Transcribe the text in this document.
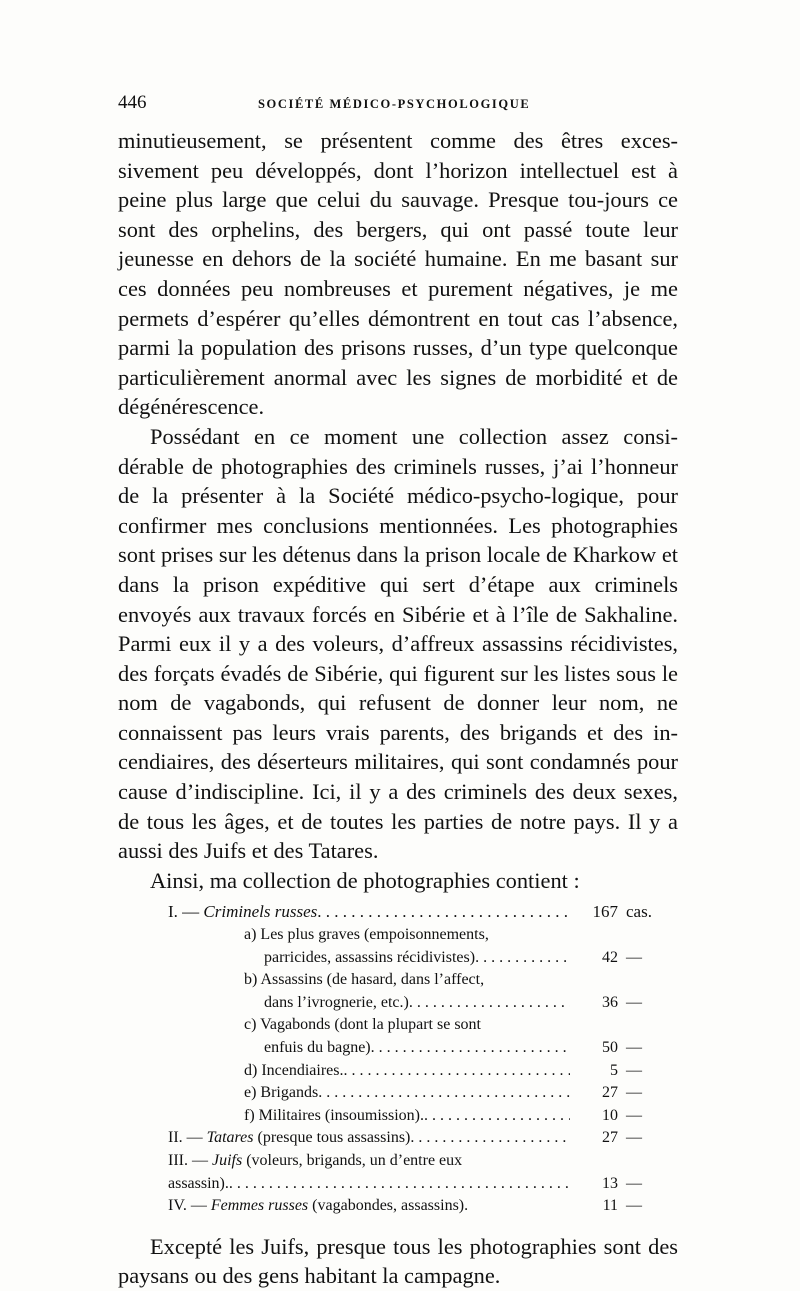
446	SOCIÉTÉ MÉDICO-PSYCHOLOGIQUE

minutieusement, se présentent comme des êtres exces-sivement peu développés, dont l’horizon intellectuel est à peine plus large que celui du sauvage. Presque tou-jours ce sont des orphelins, des bergers, qui ont passé toute leur jeunesse en dehors de la société humaine. En me basant sur ces données peu nombreuses et purement négatives, je me permets d’espérer qu’elles démontrent en tout cas l’absence, parmi la population des prisons russes, d’un type quelconque particulièrement anormal avec les signes de morbidité et de dégénérescence.

Possédant en ce moment une collection assez consi-dérable de photographies des criminels russes, j’ai l’honneur de la présenter à la Société médico-psycho-logique, pour confirmer mes conclusions mentionnées. Les photographies sont prises sur les détenus dans la prison locale de Kharkow et dans la prison expéditive qui sert d’étape aux criminels envoyés aux travaux forcés en Sibérie et à l’île de Sakhaline. Parmi eux il y a des voleurs, d’affreux assassins récidivistes, des forçats évadés de Sibérie, qui figurent sur les listes sous le nom de vagabonds, qui refusent de donner leur nom, ne connaissent pas leurs vrais parents, des brigands et des in-cendiaires, des déserteurs militaires, qui sont condamnés pour cause d’indiscipline. Ici, il y a des criminels des deux sexes, de tous les âges, et de toutes les parties de notre pays. Il y a aussi des Juifs et des Tatares.

Ainsi, ma collection de photographies contient :

I. — Criminels russes . . .	167 cas.
a) Les plus graves (empoisonnements,
parricides, assassins récidivistes) . . .	42 —
b) Assassins (de hasard, dans l’affect,
dans l’ivrognerie, etc.) . . .	36 —
c) Vagabonds (dont la plupart se sont
enfuis du bagne) . . .	50 —
d) Incendiaires. . . .	5 —
e) Brigands . . .	27 —
f) Militaires (insoumission). . . .	10 —
II. — Tatares (presque tous assassins) . . .	27 —
III. — Juifs (voleurs, brigands, un d’entre eux
assassin). . . .	13 —
IV. — Femmes russes (vagabondes, assassins).	11 —

Excepté les Juifs, presque tous les photographies sont des paysans ou des gens habitant la campagne.
